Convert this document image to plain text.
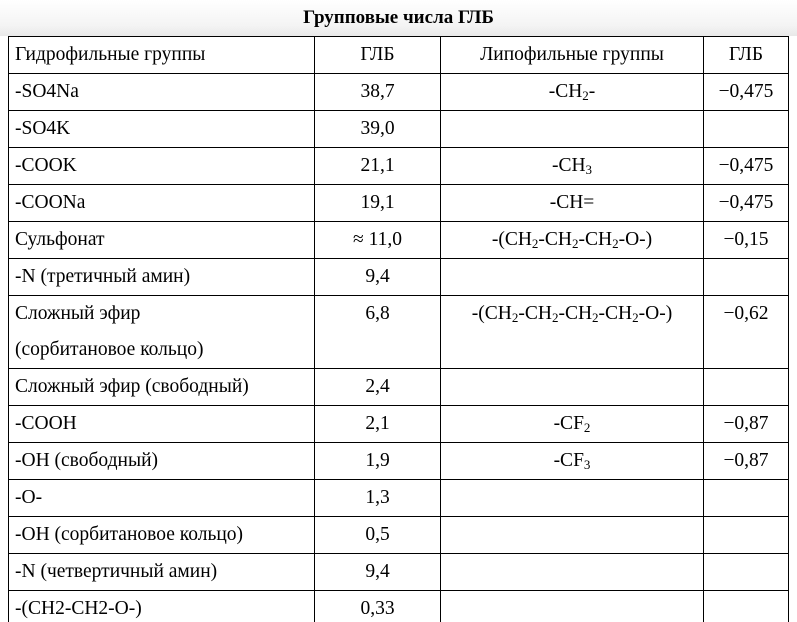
Групповые числа ГЛБ
Гидрофильные группы	ГЛБ	Липофильные группы	ГЛБ

-SO4Na	38,7	$-CH_2-$	−0,475

-SO4K	39,0		

-COOK	21,1	$-CH_3$	−0,475

-COONa	19,1	-CH=	−0,475

Сульфонат	≈ 11,0	$-(CH_2-CH_2-CH_2-O-)$	−0,15

-N (третичный амин)	9,4		

Сложный эфир
(сорбитановое кольцо)	6,8	$-(CH_2-CH_2-CH_2-CH_2-O-)$	−0,62

Сложный эфир (свободный)	2,4		

-COOH	2,1	$-CF_2$	−0,87

-OH (свободный)	1,9	$-CF_3$	−0,87

-O-	1,3		

-OH (сорбитановое кольцо)	0,5		

-N (четвертичный амин)	9,4		

-(CH2-CH2-O-)	0,33		
